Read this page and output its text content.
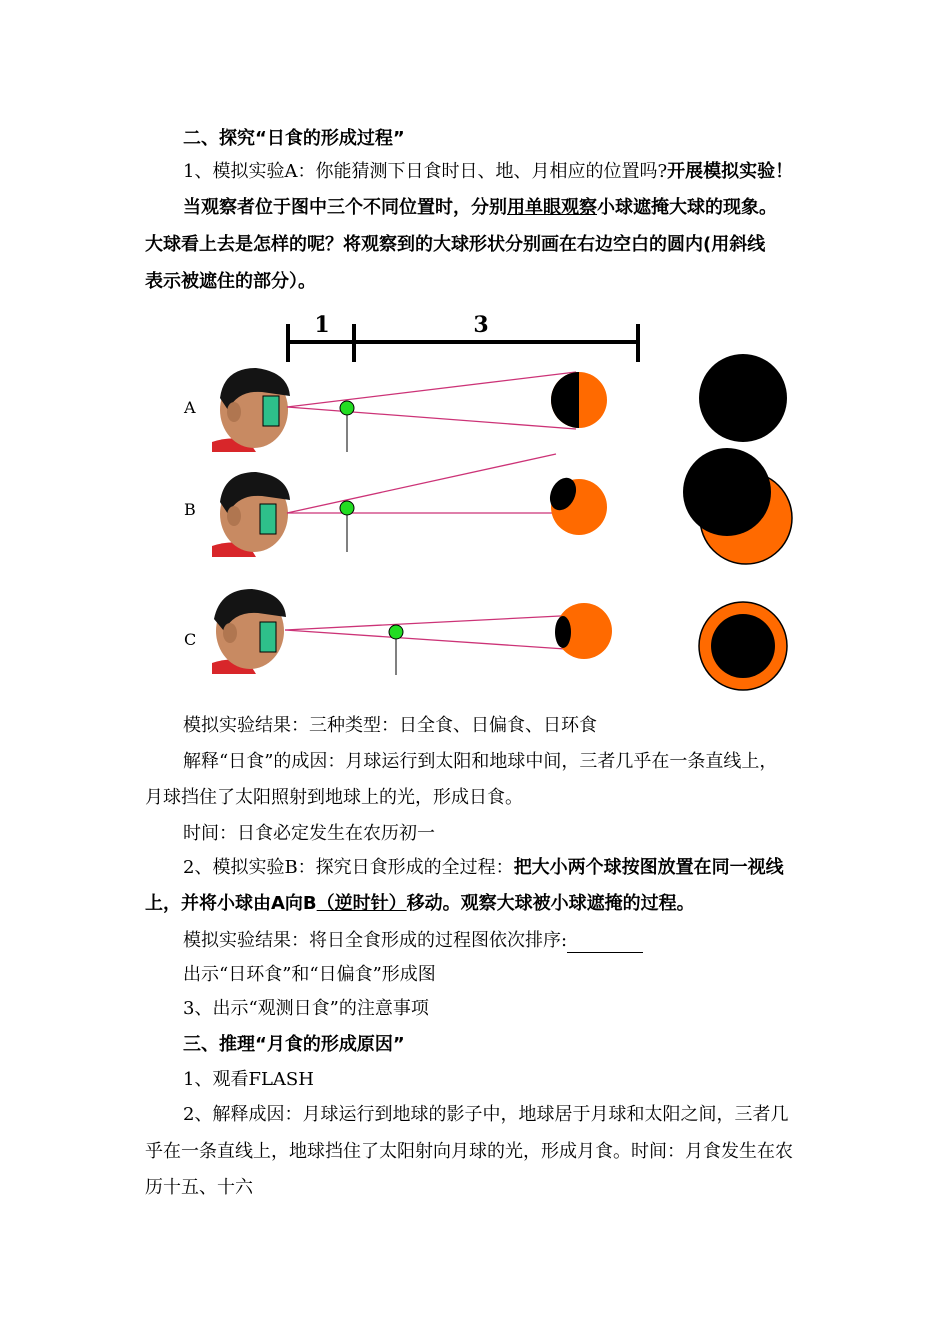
二、探究“日食的形成过程”
1、模拟实验A：你能猜测下日食时日、地、月相应的位置吗?开展模拟实验！
当观察者位于图中三个不同位置时，分别用单眼观察小球遮掩大球的现象。
大球看上去是怎样的呢？将观察到的大球形状分别画在右边空白的圆内(用斜线
表示被遮住的部分）。
1	3
A
B
C
模拟实验结果：三种类型：日全食、日偏食、日环食
解释“日食”的成因：月球运行到太阳和地球中间，三者几乎在一条直线上，
月球挡住了太阳照射到地球上的光，形成日食。
时间：日食必定发生在农历初一
2、模拟实验B：探究日食形成的全过程：把大小两个球按图放置在同一视线
上，并将小球由A向B（逆时针）移动。观察大球被小球遮掩的过程。
模拟实验结果：将日全食形成的过程图依次排序:
出示“日环食”和“日偏食”形成图
3、出示“观测日食”的注意事项
三、推理“月食的形成原因”
1、观看FLASH
2、解释成因：月球运行到地球的影子中，地球居于月球和太阳之间，三者几
乎在一条直线上，地球挡住了太阳射向月球的光，形成月食。时间：月食发生在农
历十五、十六
